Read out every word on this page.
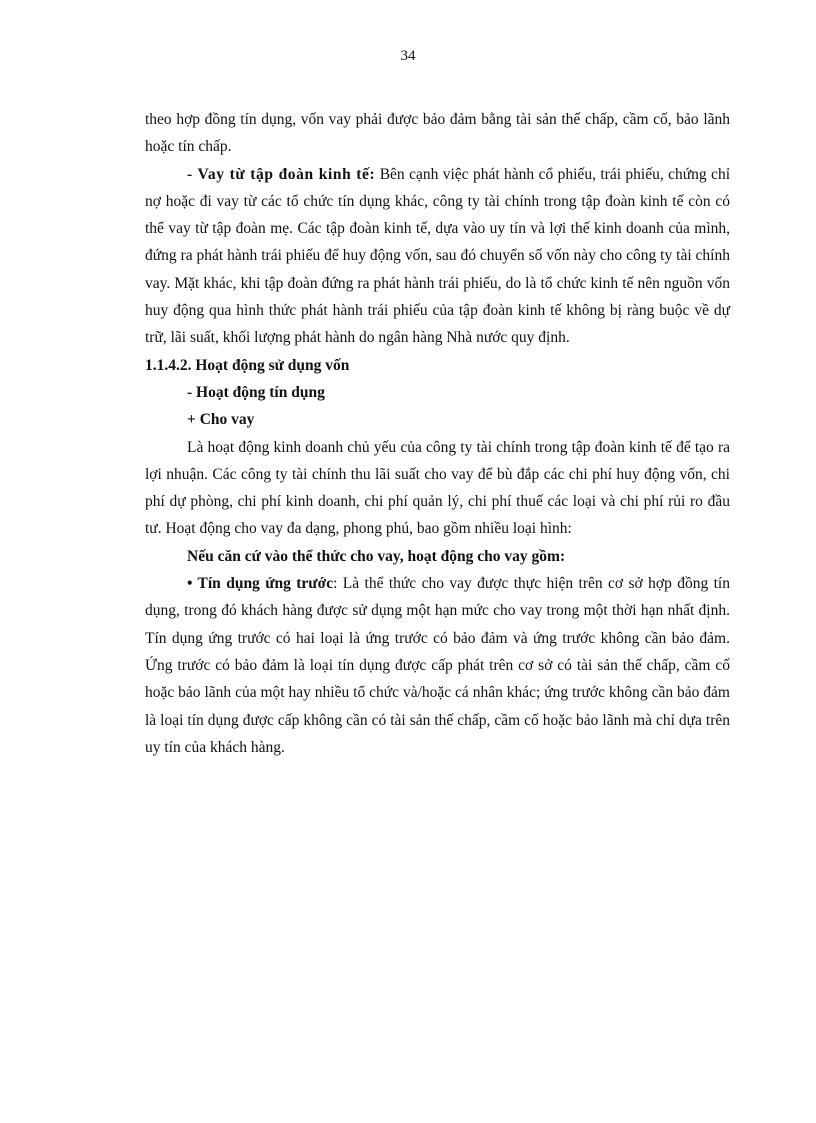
34

theo hợp đồng tín dụng, vốn vay phải được bảo đảm bằng tài sản thế chấp, cầm cố, bảo lãnh hoặc tín chấp.

- Vay từ tập đoàn kinh tế: Bên cạnh việc phát hành cổ phiếu, trái phiếu, chứng chỉ nợ hoặc đi vay từ các tổ chức tín dụng khác, công ty tài chính trong tập đoàn kinh tế còn có thể vay từ tập đoàn mẹ. Các tập đoàn kinh tế, dựa vào uy tín và lợi thế kinh doanh của mình, đứng ra phát hành trái phiếu để huy động vốn, sau đó chuyển số vốn này cho công ty tài chính vay. Mặt khác, khi tập đoàn đứng ra phát hành trái phiếu, do là tổ chức kinh tế nên nguồn vốn huy động qua hình thức phát hành trái phiếu của tập đoàn kinh tế không bị ràng buộc về dự trữ, lãi suất, khối lượng phát hành do ngân hàng Nhà nước quy định.

1.1.4.2. Hoạt động sử dụng vốn

- Hoạt động tín dụng

+ Cho vay

Là hoạt động kinh doanh chủ yếu của công ty tài chính trong tập đoàn kinh tế để tạo ra lợi nhuận. Các công ty tài chính thu lãi suất cho vay để bù đắp các chi phí huy động vốn, chi phí dự phòng, chi phí kinh doanh, chi phí quản lý, chi phí thuế các loại và chi phí rủi ro đầu tư. Hoạt động cho vay đa dạng, phong phú, bao gồm nhiều loại hình:

Nếu căn cứ vào thể thức cho vay, hoạt động cho vay gồm:

• Tín dụng ứng trước: Là thể thức cho vay được thực hiện trên cơ sở hợp đồng tín dụng, trong đó khách hàng được sử dụng một hạn mức cho vay trong một thời hạn nhất định. Tín dụng ứng trước có hai loại là ứng trước có bảo đảm và ứng trước không cần bảo đảm. Ứng trước có bảo đảm là loại tín dụng được cấp phát trên cơ sở có tài sản thế chấp, cầm cố hoặc bảo lãnh của một hay nhiều tổ chức và/hoặc cá nhân khác; ứng trước không cần bảo đảm là loại tín dụng được cấp không cần có tài sản thế chấp, cầm cố hoặc bảo lãnh mà chỉ dựa trên uy tín của khách hàng.
